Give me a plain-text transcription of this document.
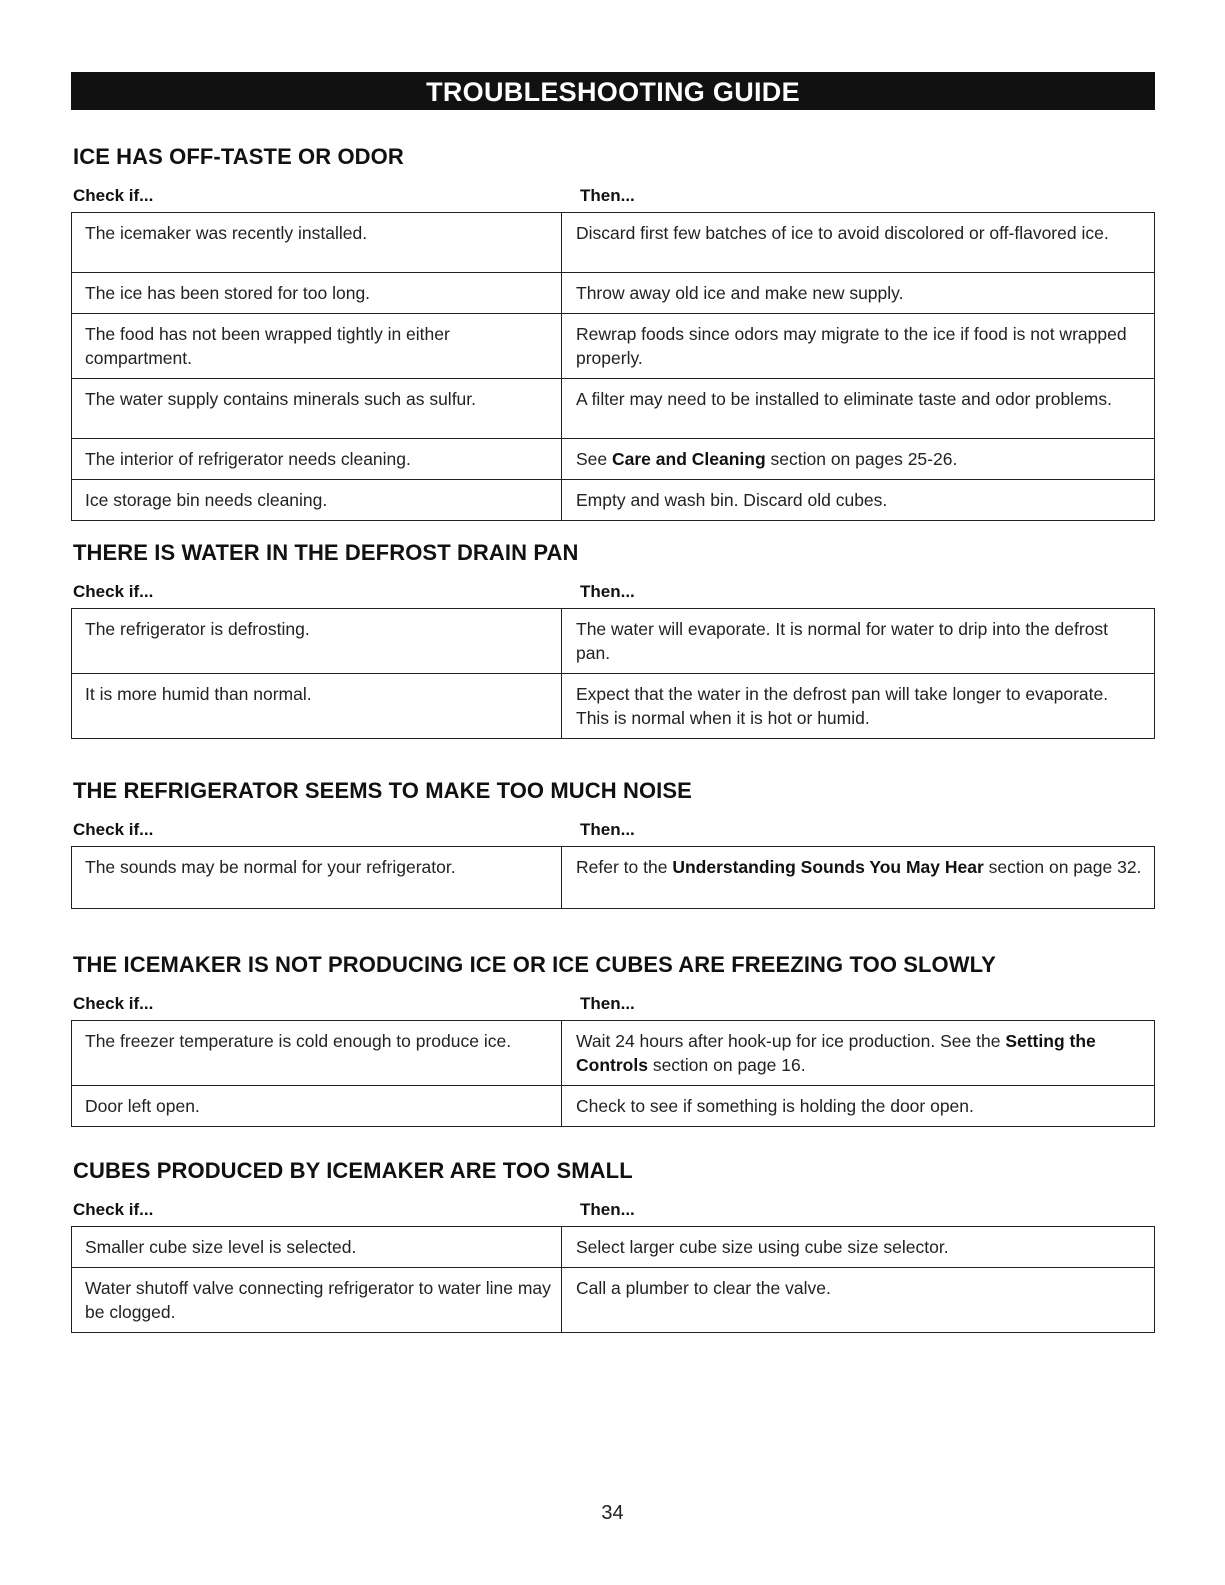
TROUBLESHOOTING GUIDE
ICE HAS OFF-TASTE OR ODOR
Check if...	Then...
The icemaker was recently installed.	Discard first few batches of ice to avoid discolored or off-flavored ice.
The ice has been stored for too long.	Throw away old ice and make new supply.
The food has not been wrapped tightly in either compartment.	Rewrap foods since odors may migrate to the ice if food is not wrapped properly.
The water supply contains minerals such as sulfur.	A filter may need to be installed to eliminate taste and odor problems.
The interior of refrigerator needs cleaning.	See Care and Cleaning section on pages 25-26.
Ice storage bin needs cleaning.	Empty and wash bin. Discard old cubes.
THERE IS WATER IN THE DEFROST DRAIN PAN
Check if...	Then...
The refrigerator is defrosting.	The water will evaporate. It is normal for water to drip into the defrost pan.
It is more humid than normal.	Expect that the water in the defrost pan will take longer to evaporate. This is normal when it is hot or humid.
THE REFRIGERATOR SEEMS TO MAKE TOO MUCH NOISE
Check if...	Then...
The sounds may be normal for your refrigerator.	Refer to the Understanding Sounds You May Hear section on page 32.
THE ICEMAKER IS NOT PRODUCING ICE OR ICE CUBES ARE FREEZING TOO SLOWLY
Check if...	Then...
The freezer temperature is cold enough to produce ice.	Wait 24 hours after hook-up for ice production. See the Setting the Controls section on page 16.
Door left open.	Check to see if something is holding the door open.
CUBES PRODUCED BY ICEMAKER ARE TOO SMALL
Check if...	Then...
Smaller cube size level is selected.	Select larger cube size using cube size selector.
Water shutoff valve connecting refrigerator to water line may be clogged.	Call a plumber to clear the valve.
34
